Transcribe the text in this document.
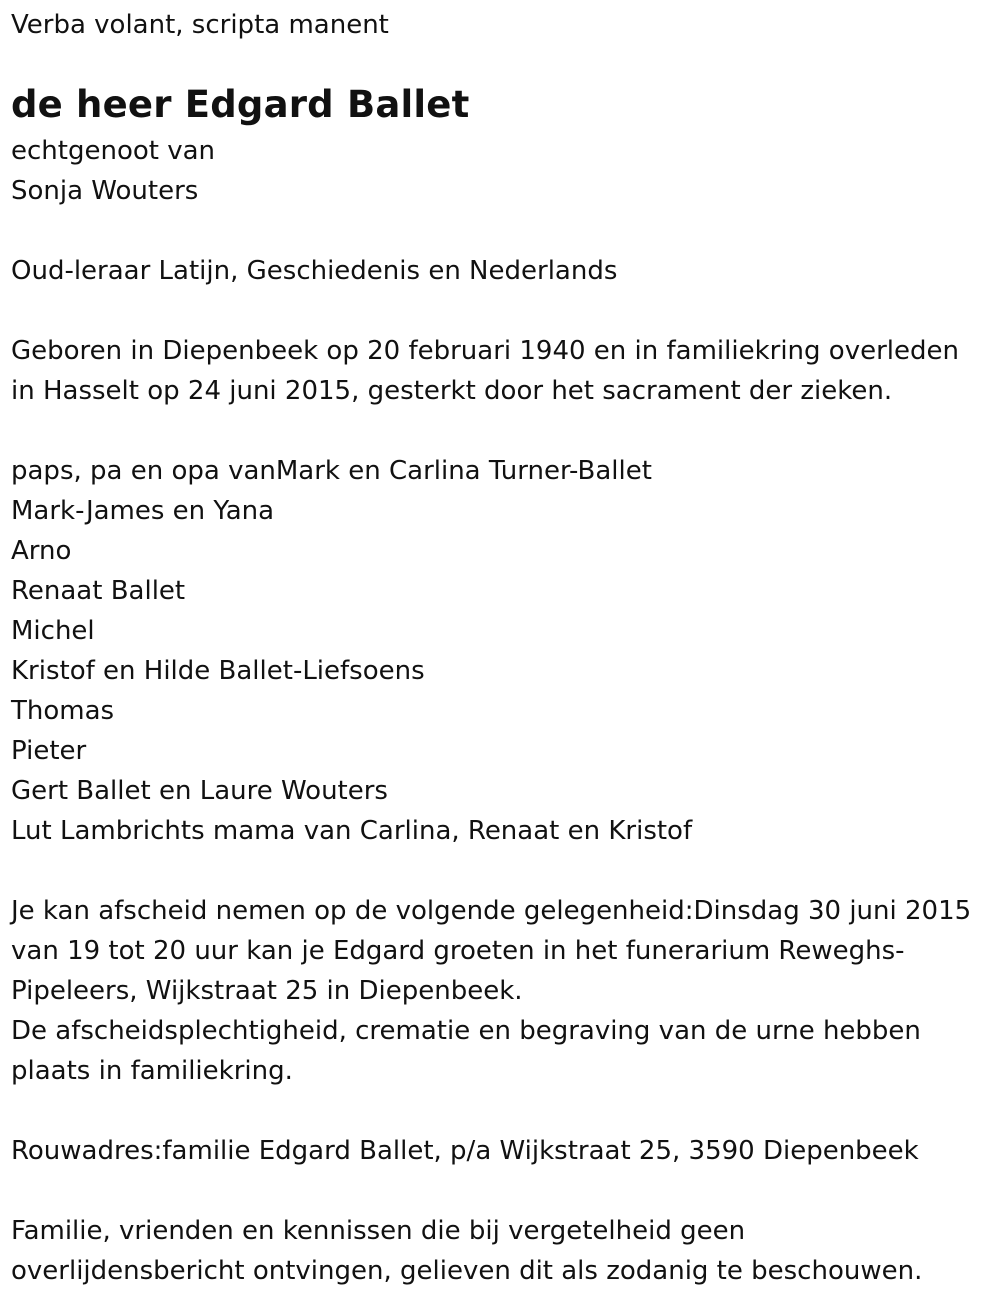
Verba volant, scripta manent
de heer Edgard Ballet
echtgenoot van
Sonja Wouters
Oud-leraar Latijn, Geschiedenis en Nederlands
Geboren in Diepenbeek op 20 februari 1940 en in familiekring overleden
in Hasselt op 24 juni 2015, gesterkt door het sacrament der zieken.
paps, pa en opa vanMark en Carlina Turner-Ballet
Mark-James en Yana
Arno
Renaat Ballet
Michel
Kristof en Hilde Ballet-Liefsoens
Thomas
Pieter
Gert Ballet en Laure Wouters
Lut Lambrichts mama van Carlina, Renaat en Kristof
Je kan afscheid nemen op de volgende gelegenheid:Dinsdag 30 juni 2015
van 19 tot 20 uur kan je Edgard groeten in het funerarium Reweghs-
Pipeleers, Wijkstraat 25 in Diepenbeek.
De afscheidsplechtigheid, crematie en begraving van de urne hebben
plaats in familiekring.
Rouwadres:familie Edgard Ballet, p/a Wijkstraat 25, 3590 Diepenbeek
Familie, vrienden en kennissen die bij vergetelheid geen
overlijdensbericht ontvingen, gelieven dit als zodanig te beschouwen.
